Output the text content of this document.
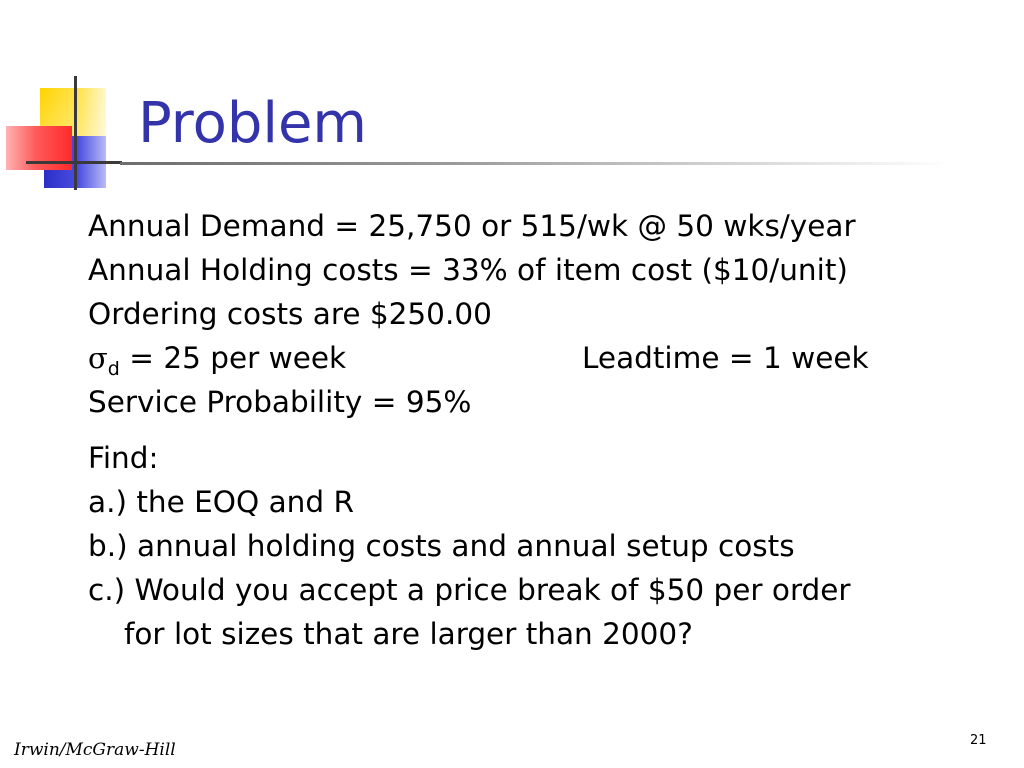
Problem
Annual Demand = 25,750 or 515/wk @ 50 wks/year
Annual Holding costs = 33% of item cost ($10/unit)
Ordering costs are $250.00
$\sigma_d = 25$ per week	Leadtime = 1 week
Service Probability = 95%
Find:
a.) the EOQ and R
b.) annual holding costs and annual setup costs
c.) Would you accept a price break of $50 per order
for lot sizes that are larger than 2000?
Irwin/McGraw-Hill	21
